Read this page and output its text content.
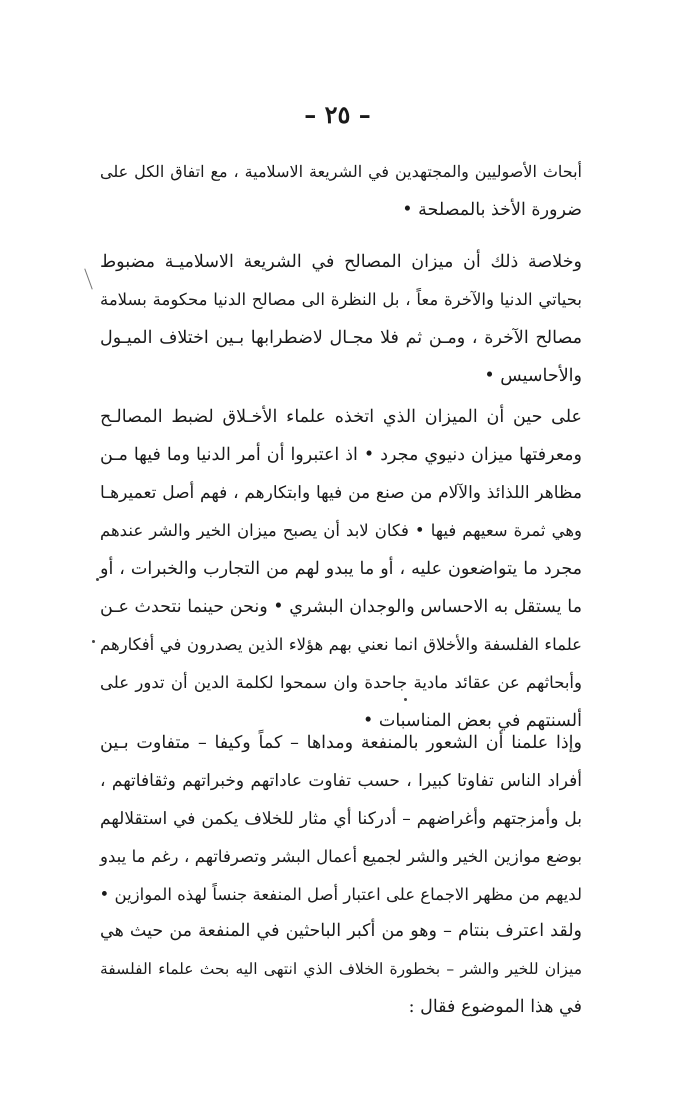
– ٢٥ –
أبحاث الأصوليين والمجتهدين في الشريعة الاسلامية ، مع اتفاق الكل على
ضرورة الأخذ بالمصلحة •
وخلاصة ذلك أن ميزان المصالح في الشريعة الاسلاميـة مضبوط
بحياتي الدنيا والآخرة معاً ، بل النظرة الى مصالح الدنيا محكومة بسلامة
مصالح الآخرة ، ومـن ثم فلا مجـال لاضطرابها بـين اختلاف الميـول
والأحاسيس •
على حين أن الميزان الذي اتخذه علماء الأخـلاق لضبط المصالـح
ومعرفتها ميزان دنيوي مجرد • اذ اعتبروا أن أمر الدنيا وما فيها مـن
مظاهر اللذائذ والآلام من صنع من فيها وابتكارهم ، فهم أصل تعميرهـا
وهي ثمرة سعيهم فيها • فكان لابد أن يصبح ميزان الخير والشر عندهم
مجرد ما يتواضعون عليه ، أو ما يبدو لهم من التجارب والخبرات ، أو
ما يستقل به الاحساس والوجدان البشري • ونحن حينما نتحدث عـن
علماء الفلسفة والأخلاق انما نعني بهم هؤلاء الذين يصدرون في أفكارهم
وأبحاثهم عن عقائد مادية جاحدة وان سمحوا لكلمة الدين أن تدور على
ألسنتهم في بعض المناسبات •
وإذا علمنا أن الشعور بالمنفعة ومداها – كماً وكيفا – متفاوت بـين
أفراد الناس تفاوتا كبيرا ، حسب تفاوت عاداتهم وخبراتهم وثقافاتهم ،
بل وأمزجتهم وأغراضهم – أدركنا أي مثار للخلاف يكمن في استقلالهم
بوضع موازين الخير والشر لجميع أعمال البشر وتصرفاتهم ، رغم ما يبدو
لديهم من مظهر الاجماع على اعتبار أصل المنفعة جنساً لهذه الموازين •
ولقد اعترف بنتام – وهو من أكبر الباحثين في المنفعة من حيث هي
ميزان للخير والشر – بخطورة الخلاف الذي انتهى اليه بحث علماء الفلسفة
في هذا الموضوع فقال :
